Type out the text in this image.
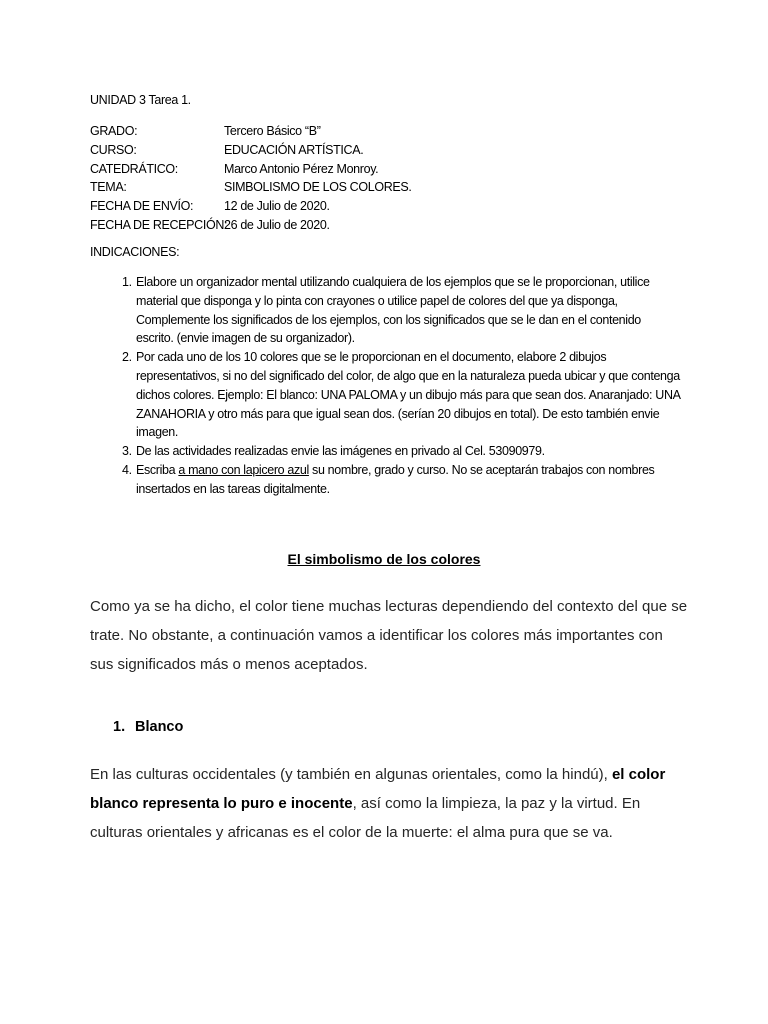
UNIDAD 3 Tarea 1.
GRADO:	Tercero Básico “B”
CURSO:	EDUCACIÓN ARTÍSTICA.
CATEDRÁTICO:	Marco Antonio Pérez Monroy.
TEMA:	SIMBOLISMO DE LOS COLORES.
FECHA DE ENVÍO:	12 de Julio de 2020.
FECHA DE RECEPCIÓN:
26 de Julio de 2020.
INDICACIONES:
1. Elabore un organizador mental utilizando cualquiera de los ejemplos que se le proporcionan, utilice material que disponga y lo pinta con crayones o utilice papel de colores del que ya disponga, Complemente los significados de los ejemplos, con los significados que se le dan en el contenido escrito. (envie imagen de su organizador).
2. Por cada uno de los 10 colores que se le proporcionan en el documento, elabore 2 dibujos representativos, si no del significado del color, de algo que en la naturaleza pueda ubicar y que contenga dichos colores. Ejemplo: El blanco: UNA PALOMA y un dibujo más para que sean dos. Anaranjado: UNA ZANAHORIA y otro más para que igual sean dos. (serían 20 dibujos en total). De esto también envie imagen.
3. De las actividades realizadas envie las imágenes en privado al Cel. 53090979.
4. Escriba a mano con lapicero azul su nombre, grado y curso. No se aceptarán trabajos con nombres insertados en las tareas digitalmente.
El simbolismo de los colores
Como ya se ha dicho, el color tiene muchas lecturas dependiendo del contexto del que se trate. No obstante, a continuación vamos a identificar los colores más importantes con sus significados más o menos aceptados.
1. Blanco
En las culturas occidentales (y también en algunas orientales, como la hindú), el color blanco representa lo puro e inocente, así como la limpieza, la paz y la virtud. En culturas orientales y africanas es el color de la muerte: el alma pura que se va.
